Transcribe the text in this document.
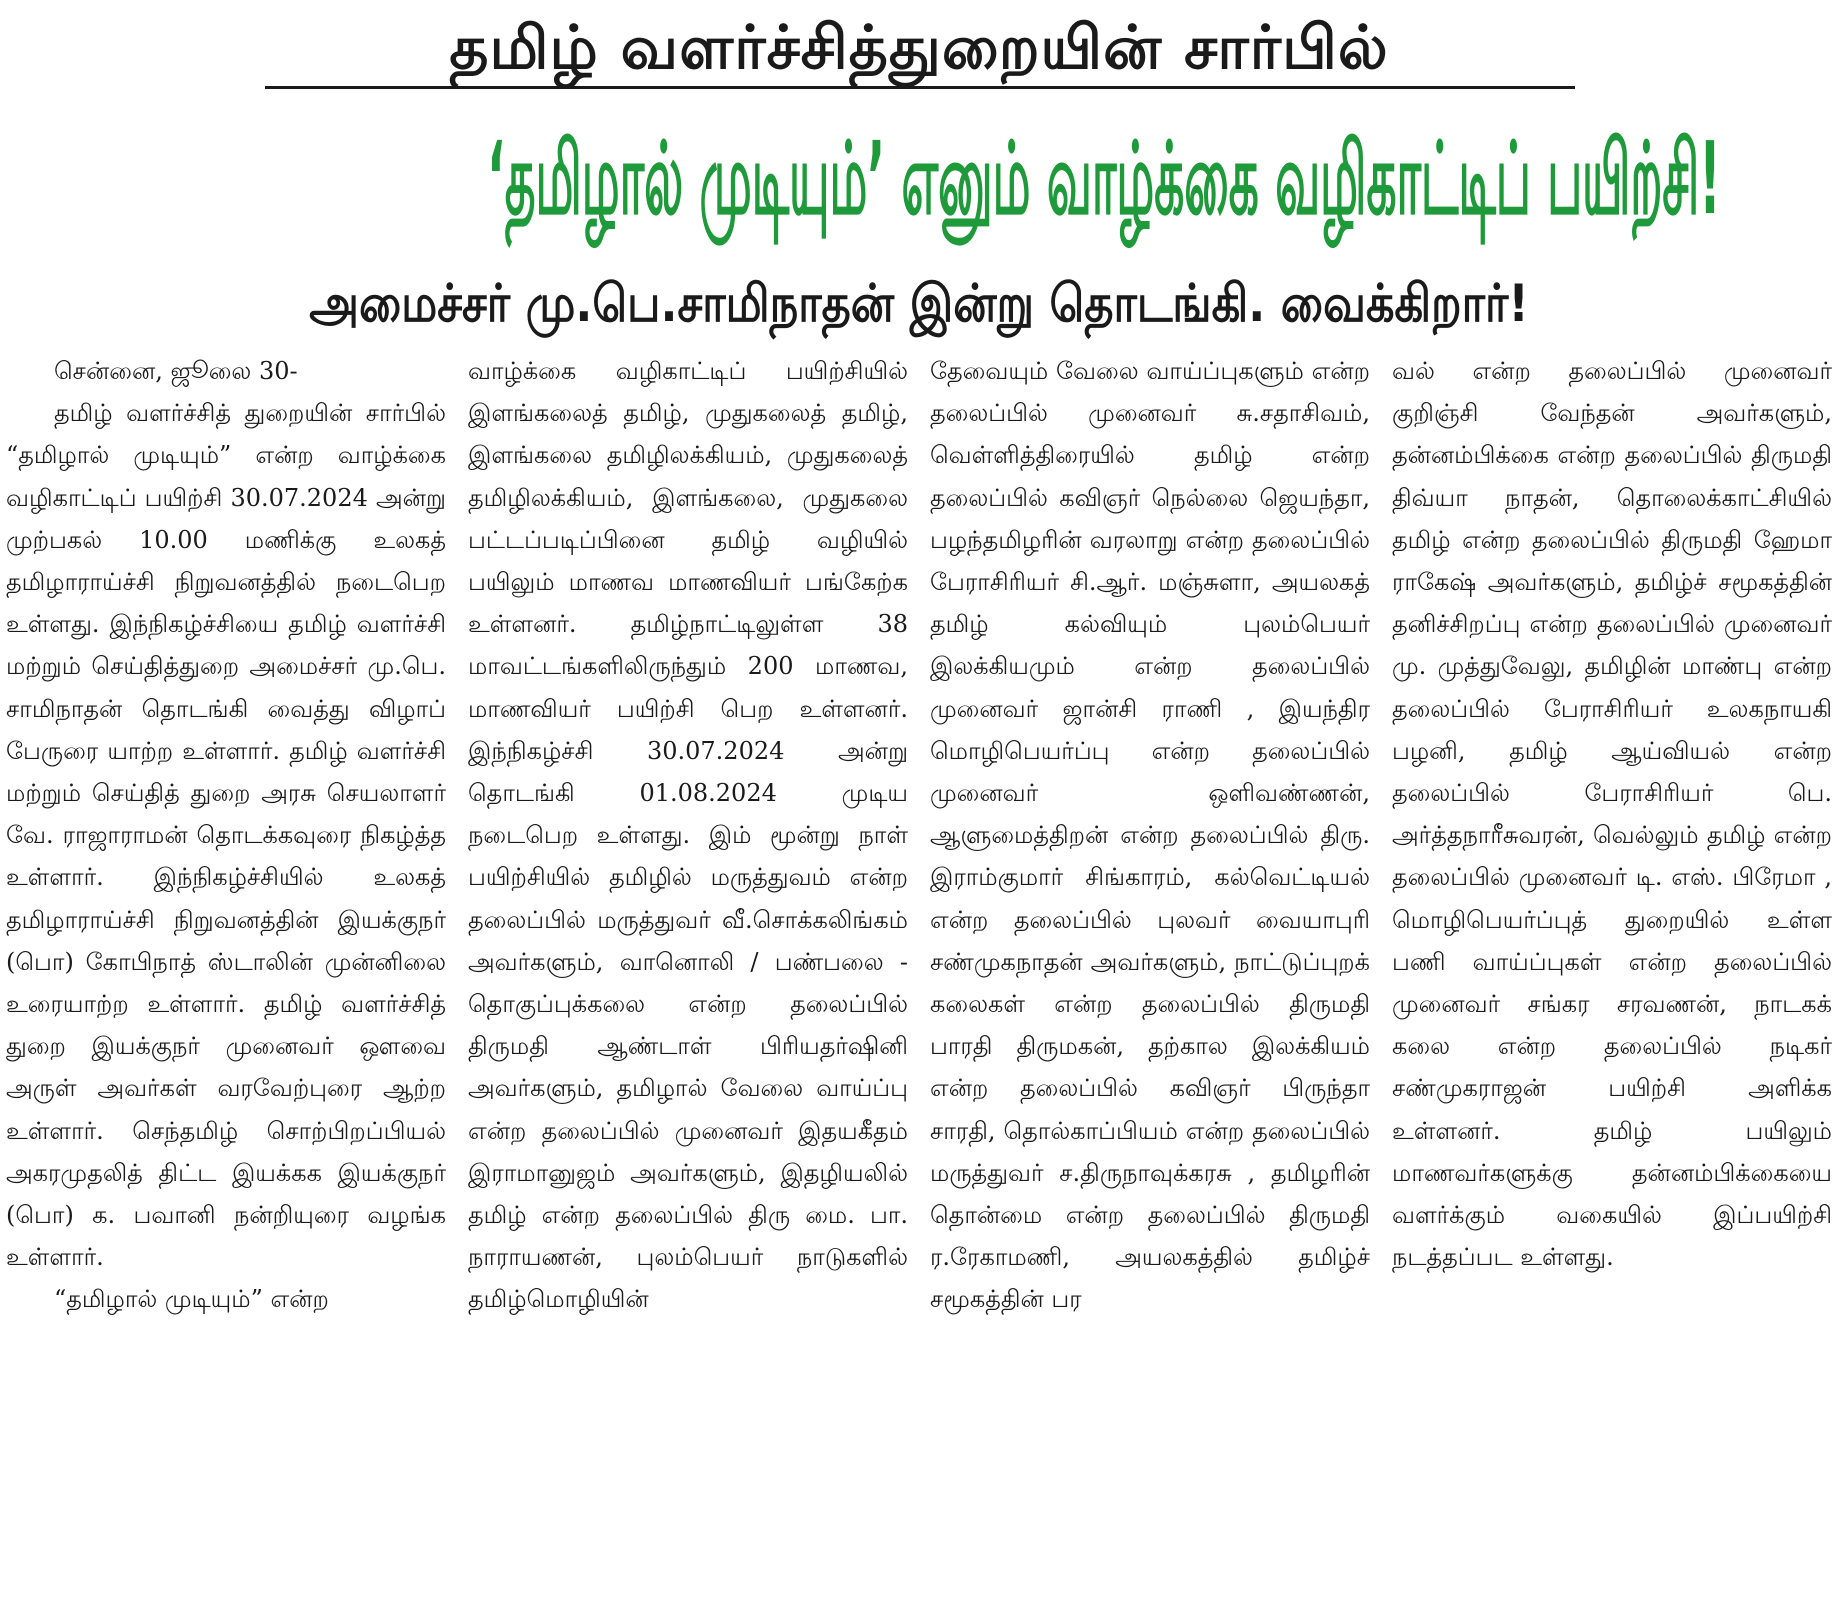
தமிழ் வளர்ச்சித்துறையின் சார்பில்
‘தமிழால் முடியும்’ எனும் வாழ்க்கை வழிகாட்டிப் பயிற்சி!
அமைச்சர் மு.பெ.சாமிநாதன் இன்று தொடங்கி. வைக்கிறார்!

சென்னை, ஜூலை 30-

தமிழ் வளர்ச்சித் துறையின் சார்பில் “தமிழால் முடியும்” என்ற வாழ்க்கை வழிகாட்டிப் பயிற்சி 30.07.2024 அன்று முற்பகல் 10.00 மணிக்கு உலகத் தமிழாராய்ச்சி நிறுவனத்தில் நடைபெற உள்ளது. இந்நிகழ்ச்சியை தமிழ் வளர்ச்சி மற்றும் செய்தித்துறை அமைச்சர் மு.பெ. சாமிநாதன் தொடங்கி வைத்து விழாப் பேருரை யாற்ற உள்ளார். தமிழ் வளர்ச்சி மற்றும் செய்தித் துறை அரசு செயலாளர் வே. ராஜாராமன் தொடக்கவுரை நிகழ்த்த உள்ளார். இந்நிகழ்ச்சியில் உலகத் தமிழாராய்ச்சி நிறுவனத்தின் இயக்குநர் (பொ) கோபிநாத் ஸ்டாலின் முன்னிலை உரையாற்ற உள்ளார். தமிழ் வளர்ச்சித் துறை இயக்குநர் முனைவர் ஔவை அருள் அவர்கள் வரவேற்புரை ஆற்ற உள்ளார். செந்தமிழ் சொற்பிறப்பியல் அகரமுதலித் திட்ட இயக்கக இயக்குநர் (பொ) க. பவானி நன்றியுரை வழங்க உள்ளார்.

“தமிழால் முடியும்” என்ற

வாழ்க்கை வழிகாட்டிப் பயிற்சியில் இளங்கலைத் தமிழ், முதுகலைத் தமிழ், இளங்கலை தமிழிலக்கியம், முதுகலைத் தமிழிலக்கியம், இளங்கலை, முதுகலை பட்டப்படிப்பினை தமிழ் வழியில் பயிலும் மாணவ மாணவியர் பங்கேற்க உள்ளனர். தமிழ்நாட்டிலுள்ள 38 மாவட்டங்களிலிருந்தும் 200 மாணவ, மாணவியர் பயிற்சி பெற உள்ளனர். இந்நிகழ்ச்சி 30.07.2024 அன்று தொடங்கி 01.08.2024 முடிய நடைபெற உள்ளது. இம் மூன்று நாள் பயிற்சியில் தமிழில் மருத்துவம் என்ற தலைப்பில் மருத்துவர் வீ.சொக்கலிங்கம் அவர்களும், வானொலி / பண்பலை - தொகுப்புக்கலை என்ற தலைப்பில் திருமதி ஆண்டாள் பிரியதர்ஷினி அவர்களும், தமிழால் வேலை வாய்ப்பு என்ற தலைப்பில் முனைவர் இதயகீதம் இராமானுஜம் அவர்களும், இதழியலில் தமிழ் என்ற தலைப்பில் திரு மை. பா. நாராயணன், புலம்பெயர் நாடுகளில் தமிழ்மொழியின்

தேவையும் வேலை வாய்ப்புகளும் என்ற தலைப்பில் முனைவர் சு.சதாசிவம், வெள்ளித்திரையில் தமிழ் என்ற தலைப்பில் கவிஞர் நெல்லை ஜெயந்தா, பழந்தமிழரின் வரலாறு என்ற தலைப்பில் பேராசிரியர் சி.ஆர். மஞ்சுளா, அயலகத் தமிழ் கல்வியும் புலம்பெயர் இலக்கியமும் என்ற தலைப்பில் முனைவர் ஜான்சி ராணி , இயந்திர மொழிபெயர்ப்பு என்ற தலைப்பில் முனைவர் ஒளிவண்ணன், ஆளுமைத்திறன் என்ற தலைப்பில் திரு. இராம்குமார் சிங்காரம், கல்வெட்டியல் என்ற தலைப்பில் புலவர் வையாபுரி சண்முகநாதன் அவர்களும், நாட்டுப்புறக் கலைகள் என்ற தலைப்பில் திருமதி பாரதி திருமகன், தற்கால இலக்கியம் என்ற தலைப்பில் கவிஞர் பிருந்தா சாரதி, தொல்காப்பியம் என்ற தலைப்பில் மருத்துவர் ச.திருநாவுக்கரசு , தமிழரின் தொன்மை என்ற தலைப்பில் திருமதி ர.ரேகாமணி, அயலகத்தில் தமிழ்ச் சமூகத்தின் பர

வல் என்ற தலைப்பில் முனைவர் குறிஞ்சி வேந்தன் அவர்களும், தன்னம்பிக்கை என்ற தலைப்பில் திருமதி திவ்யா நாதன், தொலைக்காட்சியில் தமிழ் என்ற தலைப்பில் திருமதி ஹேமா ராகேஷ் அவர்களும், தமிழ்ச் சமூகத்தின் தனிச்சிறப்பு என்ற தலைப்பில் முனைவர் மு. முத்துவேலு, தமிழின் மாண்பு என்ற தலைப்பில் பேராசிரியர் உலகநாயகி பழனி, தமிழ் ஆய்வியல் என்ற தலைப்பில் பேராசிரியர் பெ. அர்த்தநாரீசுவரன், வெல்லும் தமிழ் என்ற தலைப்பில் முனைவர் டி. எஸ். பிரேமா , மொழிபெயர்ப்புத் துறையில் உள்ள பணி வாய்ப்புகள் என்ற தலைப்பில் முனைவர் சங்கர சரவணன், நாடகக் கலை என்ற தலைப்பில் நடிகர் சண்முகராஜன் பயிற்சி அளிக்க உள்ளனர். தமிழ் பயிலும் மாணவர்களுக்கு தன்னம்பிக்கையை வளர்க்கும் வகையில் இப்பயிற்சி நடத்தப்பட உள்ளது.
